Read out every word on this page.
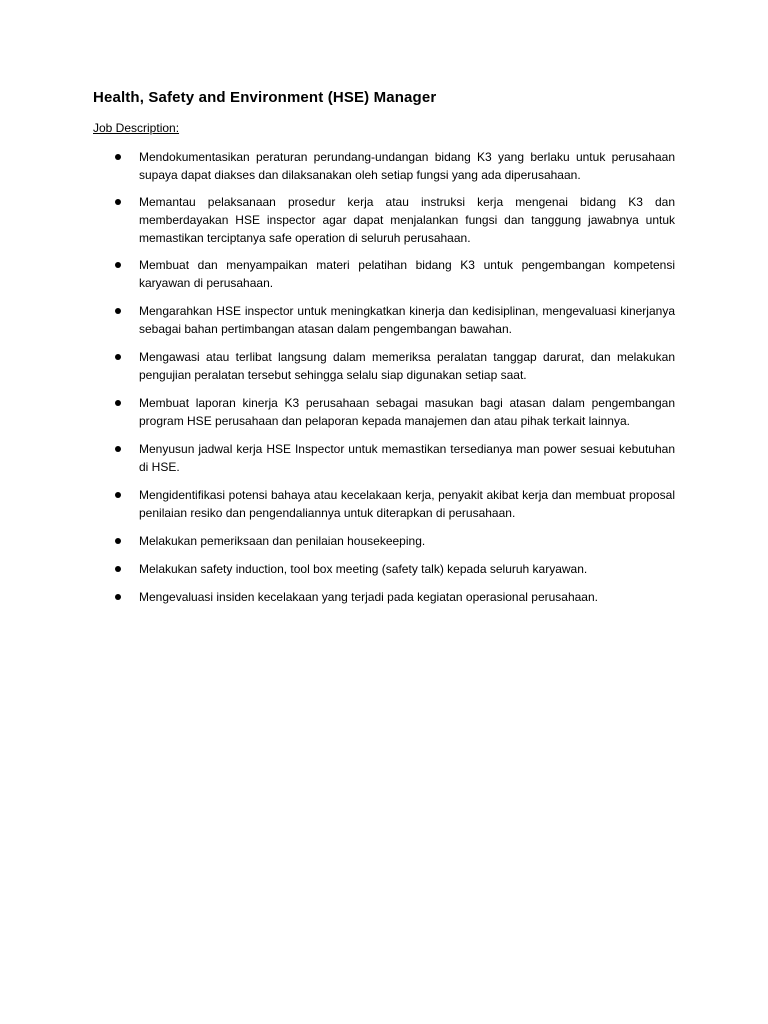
Health, Safety and Environment (HSE) Manager

Job Description:

Mendokumentasikan peraturan perundang-undangan bidang K3 yang berlaku untuk perusahaan supaya dapat diakses dan dilaksanakan oleh setiap fungsi yang ada diperusahaan.
Memantau pelaksanaan prosedur kerja atau instruksi kerja mengenai bidang K3 dan memberdayakan HSE inspector agar dapat menjalankan fungsi dan tanggung jawabnya untuk memastikan terciptanya safe operation di seluruh perusahaan.
Membuat dan menyampaikan materi pelatihan bidang K3 untuk pengembangan kompetensi karyawan di perusahaan.
Mengarahkan HSE inspector untuk meningkatkan kinerja dan kedisiplinan, mengevaluasi kinerjanya sebagai bahan pertimbangan atasan dalam pengembangan bawahan.
Mengawasi atau terlibat langsung dalam memeriksa peralatan tanggap darurat, dan melakukan pengujian peralatan tersebut sehingga selalu siap digunakan setiap saat.
Membuat laporan kinerja K3 perusahaan sebagai masukan bagi atasan dalam pengembangan program HSE perusahaan dan pelaporan kepada manajemen dan atau pihak terkait lainnya.
Menyusun jadwal kerja HSE Inspector untuk memastikan tersedianya man power sesuai kebutuhan di HSE.
Mengidentifikasi potensi bahaya atau kecelakaan kerja, penyakit akibat kerja dan membuat proposal penilaian resiko dan pengendaliannya untuk diterapkan di perusahaan.
Melakukan pemeriksaan dan penilaian housekeeping.
Melakukan safety induction, tool box meeting (safety talk) kepada seluruh karyawan.
Mengevaluasi insiden kecelakaan yang terjadi pada kegiatan operasional perusahaan.
